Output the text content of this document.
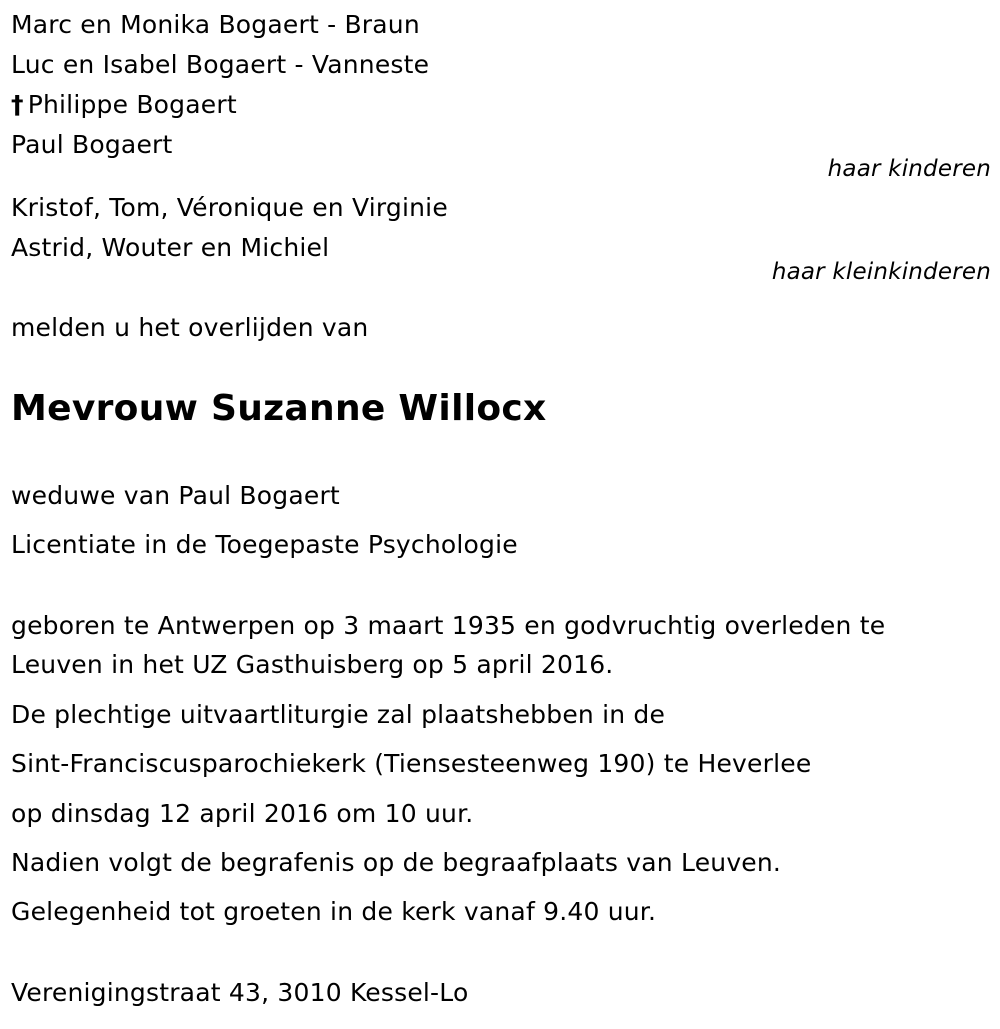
Marc en Monika Bogaert - Braun
Luc en Isabel Bogaert - Vanneste
† Philippe Bogaert
Paul Bogaert
haar kinderen
Kristof, Tom, Véronique en Virginie
Astrid, Wouter en Michiel
haar kleinkinderen
melden u het overlijden van
Mevrouw Suzanne Willocx
weduwe van Paul Bogaert
Licentiate in de Toegepaste Psychologie
geboren te Antwerpen op 3 maart 1935 en godvruchtig overleden te
Leuven in het UZ Gasthuisberg op 5 april 2016.
De plechtige uitvaartliturgie zal plaatshebben in de
Sint-Franciscusparochiekerk (Tiensesteenweg 190) te Heverlee
op dinsdag 12 april 2016 om 10 uur.
Nadien volgt de begrafenis op de begraafplaats van Leuven.
Gelegenheid tot groeten in de kerk vanaf 9.40 uur.
Verenigingstraat 43, 3010 Kessel-Lo
